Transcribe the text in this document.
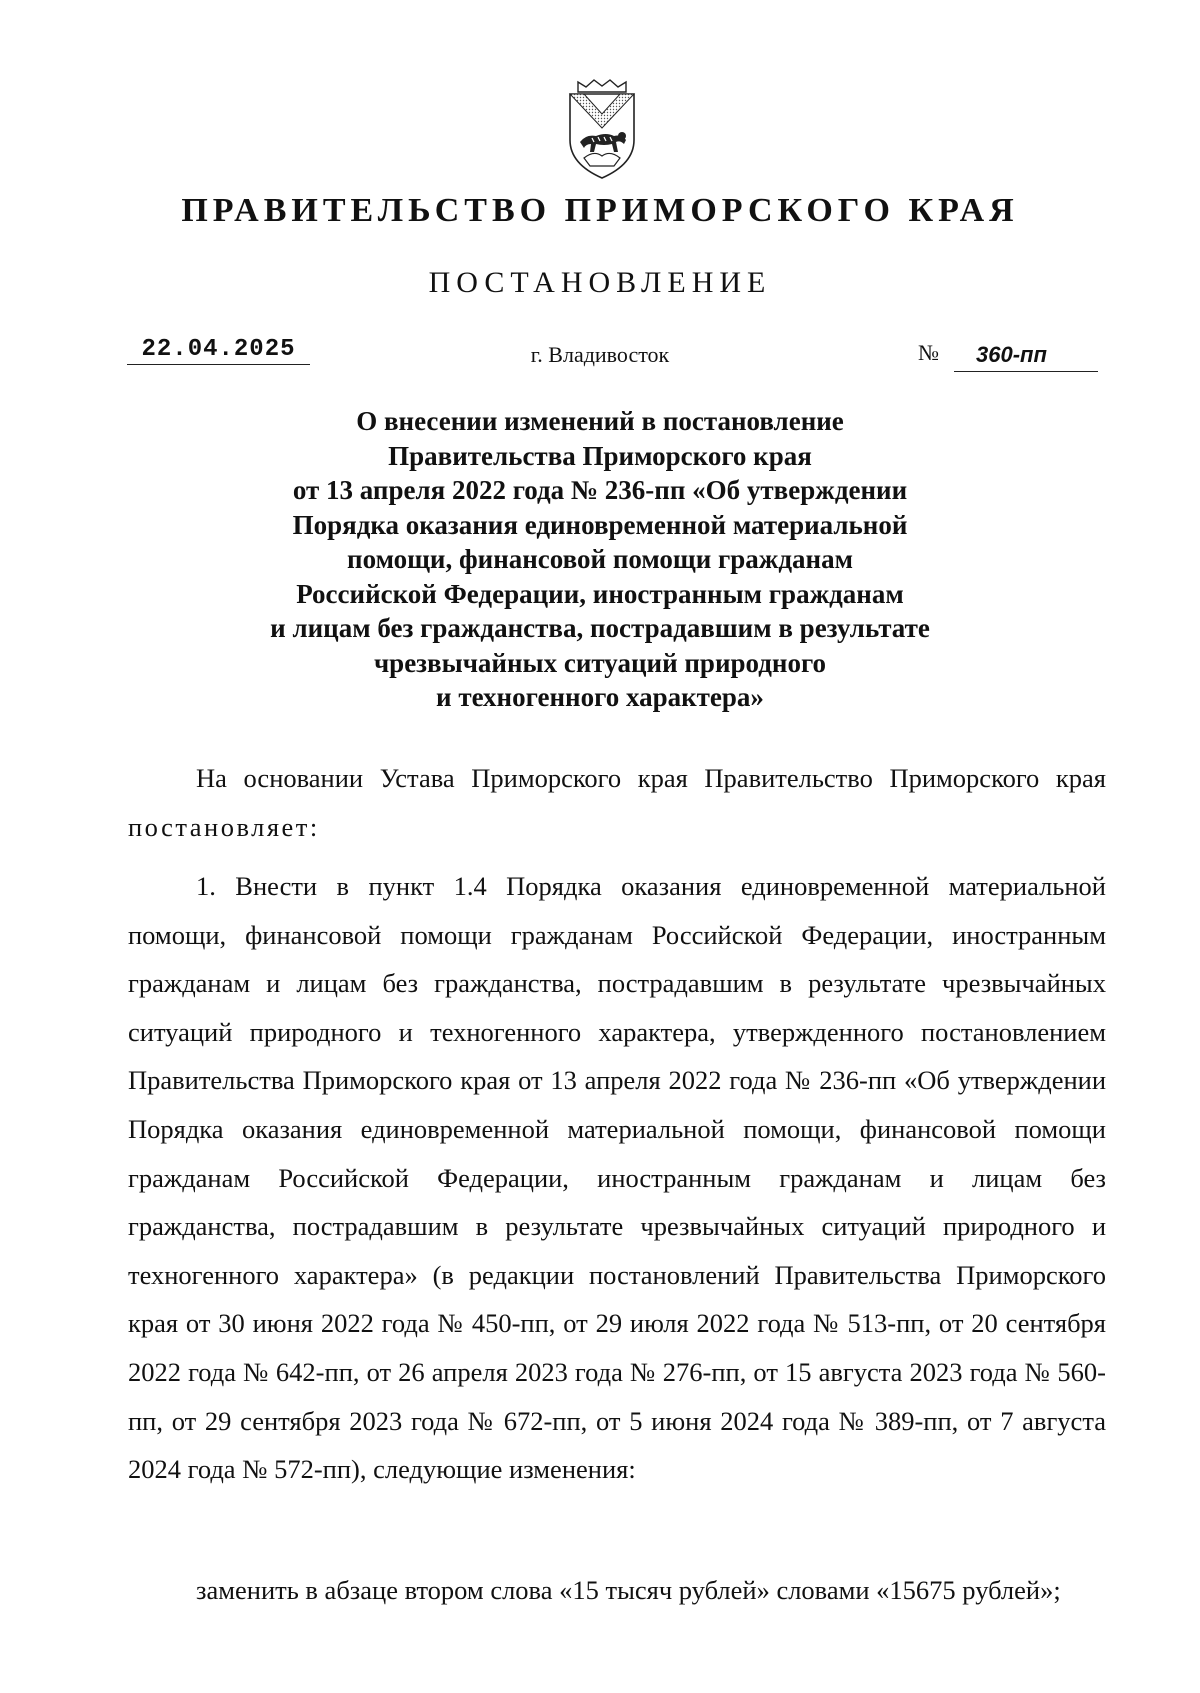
ПРАВИТЕЛЬСТВО ПРИМОРСКОГО КРАЯ
ПОСТАНОВЛЕНИЕ
22.04.2025	г. Владивосток	№	360-пп
О внесении изменений в постановление
Правительства Приморского края
от 13 апреля 2022 года № 236-пп «Об утверждении
Порядка оказания единовременной материальной
помощи, финансовой помощи гражданам
Российской Федерации, иностранным гражданам
и лицам без гражданства, пострадавшим в результате
чрезвычайных ситуаций природного
и техногенного характера»
На основании Устава Приморского края Правительство Приморского края постановляет:
1. Внести в пункт 1.4 Порядка оказания единовременной материальной помощи, финансовой помощи гражданам Российской Федерации, иностранным гражданам и лицам без гражданства, пострадавшим в результате чрезвычайных ситуаций природного и техногенного характера, утвержденного постановлением Правительства Приморского края от 13 апреля 2022 года № 236-пп «Об утверждении Порядка оказания единовременной материальной помощи, финансовой помощи гражданам Российской Федерации, иностранным гражданам и лицам без гражданства, пострадавшим в результате чрезвычайных ситуаций природного и техногенного характера» (в редакции постановлений Правительства Приморского края от 30 июня 2022 года № 450-пп, от 29 июля 2022 года № 513-пп, от 20 сентября 2022 года № 642-пп, от 26 апреля 2023 года № 276-пп, от 15 августа 2023 года № 560-пп, от 29 сентября 2023 года № 672-пп, от 5 июня 2024 года № 389-пп, от 7 августа 2024 года № 572-пп), следующие изменения:
заменить в абзаце втором слова «15 тысяч рублей» словами «15675 рублей»;
